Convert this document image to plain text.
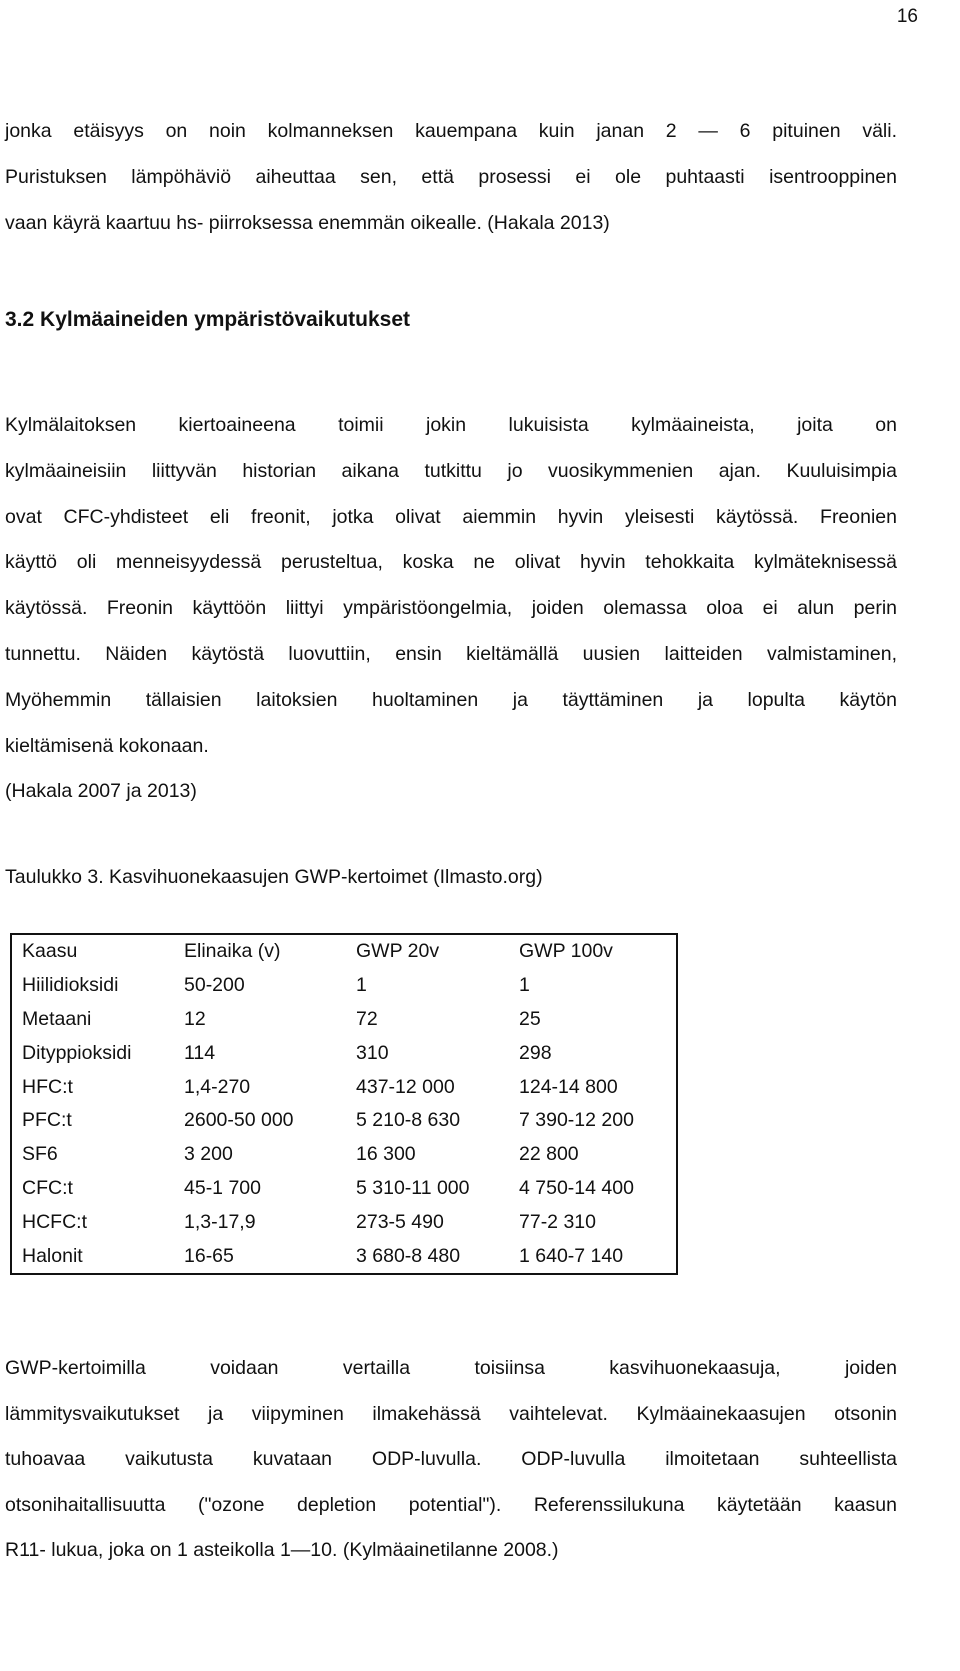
16
jonka etäisyys on noin kolmanneksen kauempana kuin janan 2 — 6 pituinen väli.
Puristuksen lämpöhäviö aiheuttaa sen, että prosessi ei ole puhtaasti isentrooppinen
vaan käyrä kaartuu hs- piirroksessa enemmän oikealle. (Hakala 2013)
3.2 Kylmäaineiden ympäristövaikutukset
Kylmälaitoksen kiertoaineena toimii jokin lukuisista kylmäaineista, joita on
kylmäaineisiin liittyvän historian aikana tutkittu jo vuosikymmenien ajan. Kuuluisimpia
ovat CFC-yhdisteet eli freonit, jotka olivat aiemmin hyvin yleisesti käytössä. Freonien
käyttö oli menneisyydessä perusteltua, koska ne olivat hyvin tehokkaita kylmäteknisessä
käytössä. Freonin käyttöön liittyi ympäristöongelmia, joiden olemassa oloa ei alun perin
tunnettu. Näiden käytöstä luovuttiin, ensin kieltämällä uusien laitteiden valmistaminen,
Myöhemmin tällaisien laitoksien huoltaminen ja täyttäminen ja lopulta käytön
kieltämisenä kokonaan.
(Hakala 2007 ja 2013)

Taulukko 3. Kasvihuonekaasujen GWP-kertoimet (Ilmasto.org)

Kaasu	Elinaika (v)	GWP 20v	GWP 100v
Hiilidioksidi	50-200	1	1
Metaani	12	72	25
Dityppioksidi	114	310	298
HFC:t	1,4-270	437-12 000	124-14 800
PFC:t	2600-50 000	5 210-8 630	7 390-12 200
SF6	3 200	16 300	22 800
CFC:t	45-1 700	5 310-11 000	4 750-14 400
HCFC:t	1,3-17,9	273-5 490	77-2 310
Halonit	16-65	3 680-8 480	1 640-7 140
GWP-kertoimilla voidaan vertailla toisiinsa kasvihuonekaasuja, joiden
lämmitysvaikutukset ja viipyminen ilmakehässä vaihtelevat. Kylmäainekaasujen otsonin
tuhoavaa vaikutusta kuvataan ODP-luvulla. ODP-luvulla ilmoitetaan suhteellista
otsonihaitallisuutta ("ozone depletion potential"). Referenssilukuna käytetään kaasun
R11- lukua, joka on 1 asteikolla 1—10. (Kylmäainetilanne 2008.)
